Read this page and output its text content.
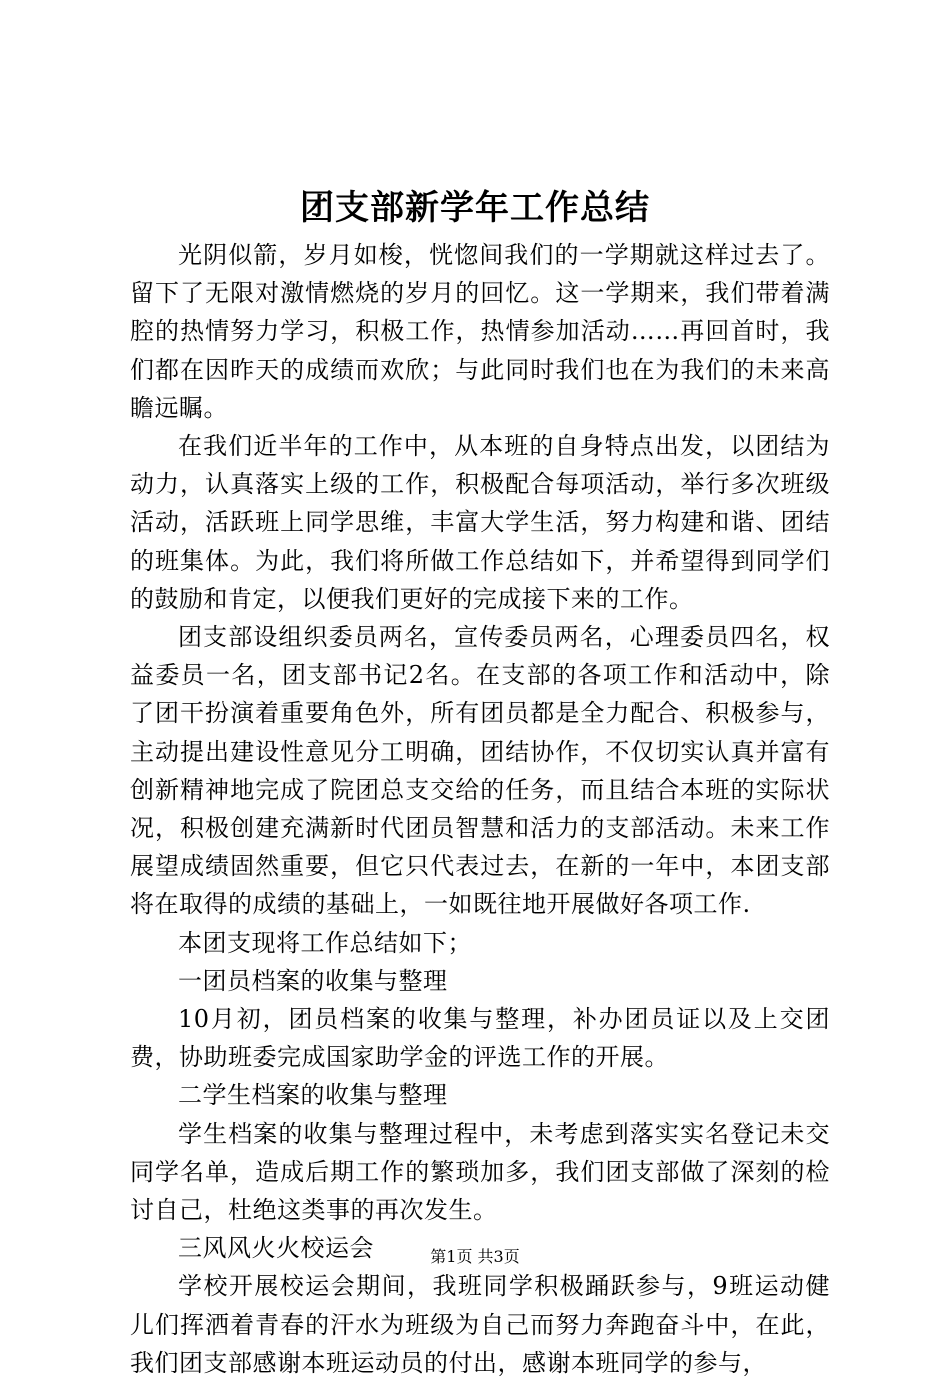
团支部新学年工作总结

光阴似箭，岁月如梭，恍惚间我们的一学期就这样过去了。留下了无限对激情燃烧的岁月的回忆。这一学期来，我们带着满腔的热情努力学习，积极工作，热情参加活动……再回首时，我们都在因昨天的成绩而欢欣；与此同时我们也在为我们的未来高瞻远瞩。

在我们近半年的工作中，从本班的自身特点出发，以团结为动力，认真落实上级的工作，积极配合每项活动，举行多次班级活动，活跃班上同学思维，丰富大学生活，努力构建和谐、团结的班集体。为此，我们将所做工作总结如下，并希望得到同学们的鼓励和肯定，以便我们更好的完成接下来的工作。

团支部设组织委员两名，宣传委员两名，心理委员四名，权益委员一名，团支部书记2名。在支部的各项工作和活动中，除了团干扮演着重要角色外，所有团员都是全力配合、积极参与，主动提出建设性意见分工明确，团结协作，不仅切实认真并富有创新精神地完成了院团总支交给的任务，而且结合本班的实际状况，积极创建充满新时代团员智慧和活力的支部活动。未来工作展望成绩固然重要，但它只代表过去，在新的一年中，本团支部将在取得的成绩的基础上，一如既往地开展做好各项工作.

本团支现将工作总结如下；

一团员档案的收集与整理

10月初，团员档案的收集与整理，补办团员证以及上交团费，协助班委完成国家助学金的评选工作的开展。

二学生档案的收集与整理

学生档案的收集与整理过程中，未考虑到落实实名登记未交同学名单，造成后期工作的繁琐加多，我们团支部做了深刻的检讨自己，杜绝这类事的再次发生。

三风风火火校运会

学校开展校运会期间，我班同学积极踊跃参与，9班运动健儿们挥洒着青春的汗水为班级为自己而努力奔跑奋斗中，在此，我们团支部感谢本班运动员的付出，感谢本班同学的参与，

第1页 共3页
